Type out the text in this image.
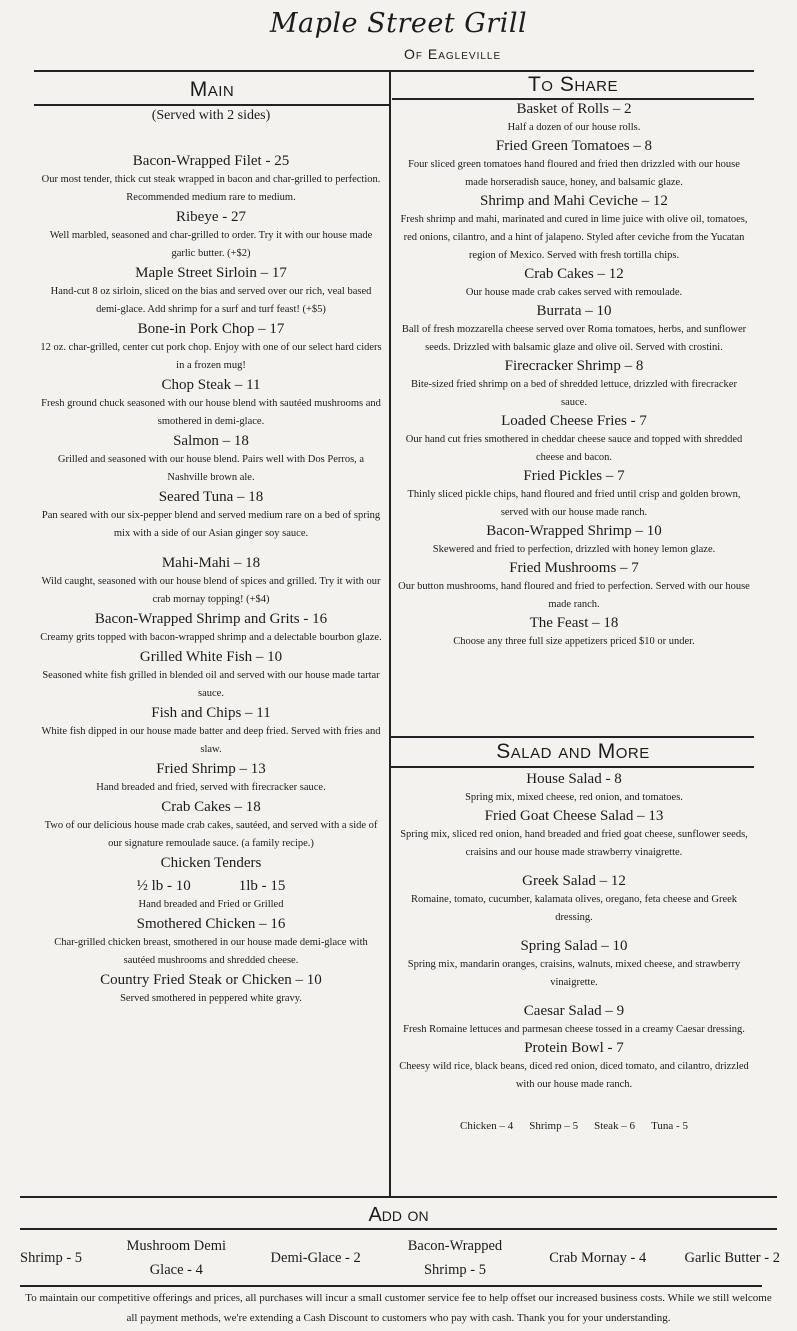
Maple Street Grill
Of Eagleville
Main	To Share
Salad and More
(Served with 2 sides)
Bacon-Wrapped Filet - 25
Our most tender, thick cut steak wrapped in bacon and char-grilled to perfection. Recommended medium rare to medium.
Ribeye - 27
Well marbled, seasoned and char-grilled to order. Try it with our house made garlic butter. (+$2)
Maple Street Sirloin – 17
Hand-cut 8 oz sirloin, sliced on the bias and served over our rich, veal based demi-glace. Add shrimp for a surf and turf feast! (+$5)
Bone-in Pork Chop – 17
12 oz. char-grilled, center cut pork chop. Enjoy with one of our select hard ciders in a frozen mug!
Chop Steak – 11
Fresh ground chuck seasoned with our house blend with sautéed mushrooms and smothered in demi-glace.
Salmon – 18
Grilled and seasoned with our house blend. Pairs well with Dos Perros, a Nashville brown ale.
Seared Tuna – 18
Pan seared with our six-pepper blend and served medium rare on a bed of spring mix with a side of our Asian ginger soy sauce.
Mahi-Mahi – 18
Wild caught, seasoned with our house blend of spices and grilled. Try it with our crab mornay topping! (+$4)
Bacon-Wrapped Shrimp and Grits - 16
Creamy grits topped with bacon-wrapped shrimp and a delectable bourbon glaze.
Grilled White Fish – 10
Seasoned white fish grilled in blended oil and served with our house made tartar sauce.
Fish and Chips – 11
White fish dipped in our house made batter and deep fried. Served with fries and slaw.
Fried Shrimp – 13
Hand breaded and fried, served with firecracker sauce.
Crab Cakes – 18
Two of our delicious house made crab cakes, sautéed, and served with a side of our signature remoulade sauce. (a family recipe.)
Chicken Tenders
½ lb - 10	1lb - 15
Hand breaded and Fried or Grilled
Smothered Chicken – 16
Char-grilled chicken breast, smothered in our house made demi-glace with sautéed mushrooms and shredded cheese.
Country Fried Steak or Chicken – 10
Served smothered in peppered white gravy.
Basket of Rolls – 2
Half a dozen of our house rolls.
Fried Green Tomatoes – 8
Four sliced green tomatoes hand floured and fried then drizzled with our house made horseradish sauce, honey, and balsamic glaze.
Shrimp and Mahi Ceviche – 12
Fresh shrimp and mahi, marinated and cured in lime juice with olive oil, tomatoes, red onions, cilantro, and a hint of jalapeno. Styled after ceviche from the Yucatan region of Mexico. Served with fresh tortilla chips.
Crab Cakes – 12
Our house made crab cakes served with remoulade.
Burrata – 10
Ball of fresh mozzarella cheese served over Roma tomatoes, herbs, and sunflower seeds. Drizzled with balsamic glaze and olive oil. Served with crostini.
Firecracker Shrimp – 8
Bite-sized fried shrimp on a bed of shredded lettuce, drizzled with firecracker sauce.
Loaded Cheese Fries - 7
Our hand cut fries smothered in cheddar cheese sauce and topped with shredded cheese and bacon.
Fried Pickles – 7
Thinly sliced pickle chips, hand floured and fried until crisp and golden brown, served with our house made ranch.
Bacon-Wrapped Shrimp – 10
Skewered and fried to perfection, drizzled with honey lemon glaze.
Fried Mushrooms – 7
Our button mushrooms, hand floured and fried to perfection. Served with our house made ranch.
The Feast – 18
Choose any three full size appetizers priced $10 or under.
House Salad - 8
Spring mix, mixed cheese, red onion, and tomatoes.
Fried Goat Cheese Salad – 13
Spring mix, sliced red onion, hand breaded and fried goat cheese, sunflower seeds, craisins and our house made strawberry vinaigrette.
Greek Salad – 12
Romaine, tomato, cucumber, kalamata olives, oregano, feta cheese and Greek dressing.
Spring Salad – 10
Spring mix, mandarin oranges, craisins, walnuts, mixed cheese, and strawberry vinaigrette.
Caesar Salad – 9
Fresh Romaine lettuces and parmesan cheese tossed in a creamy Caesar dressing.
Protein Bowl - 7
Cheesy wild rice, black beans, diced red onion, diced tomato, and cilantro, drizzled with our house made ranch.
Chicken – 4 Shrimp – 5 Steak – 6 Tuna - 5
Add on
Shrimp - 5
Mushroom Demi Glace - 4
Demi-Glace - 2
Bacon-Wrapped Shrimp - 5
Crab Mornay - 4	Garlic Butter - 2
To maintain our competitive offerings and prices, all purchases will incur a small customer service fee to help offset our increased business costs. While we still welcome all payment methods, we're extending a Cash Discount to customers who pay with cash. Thank you for your understanding.
